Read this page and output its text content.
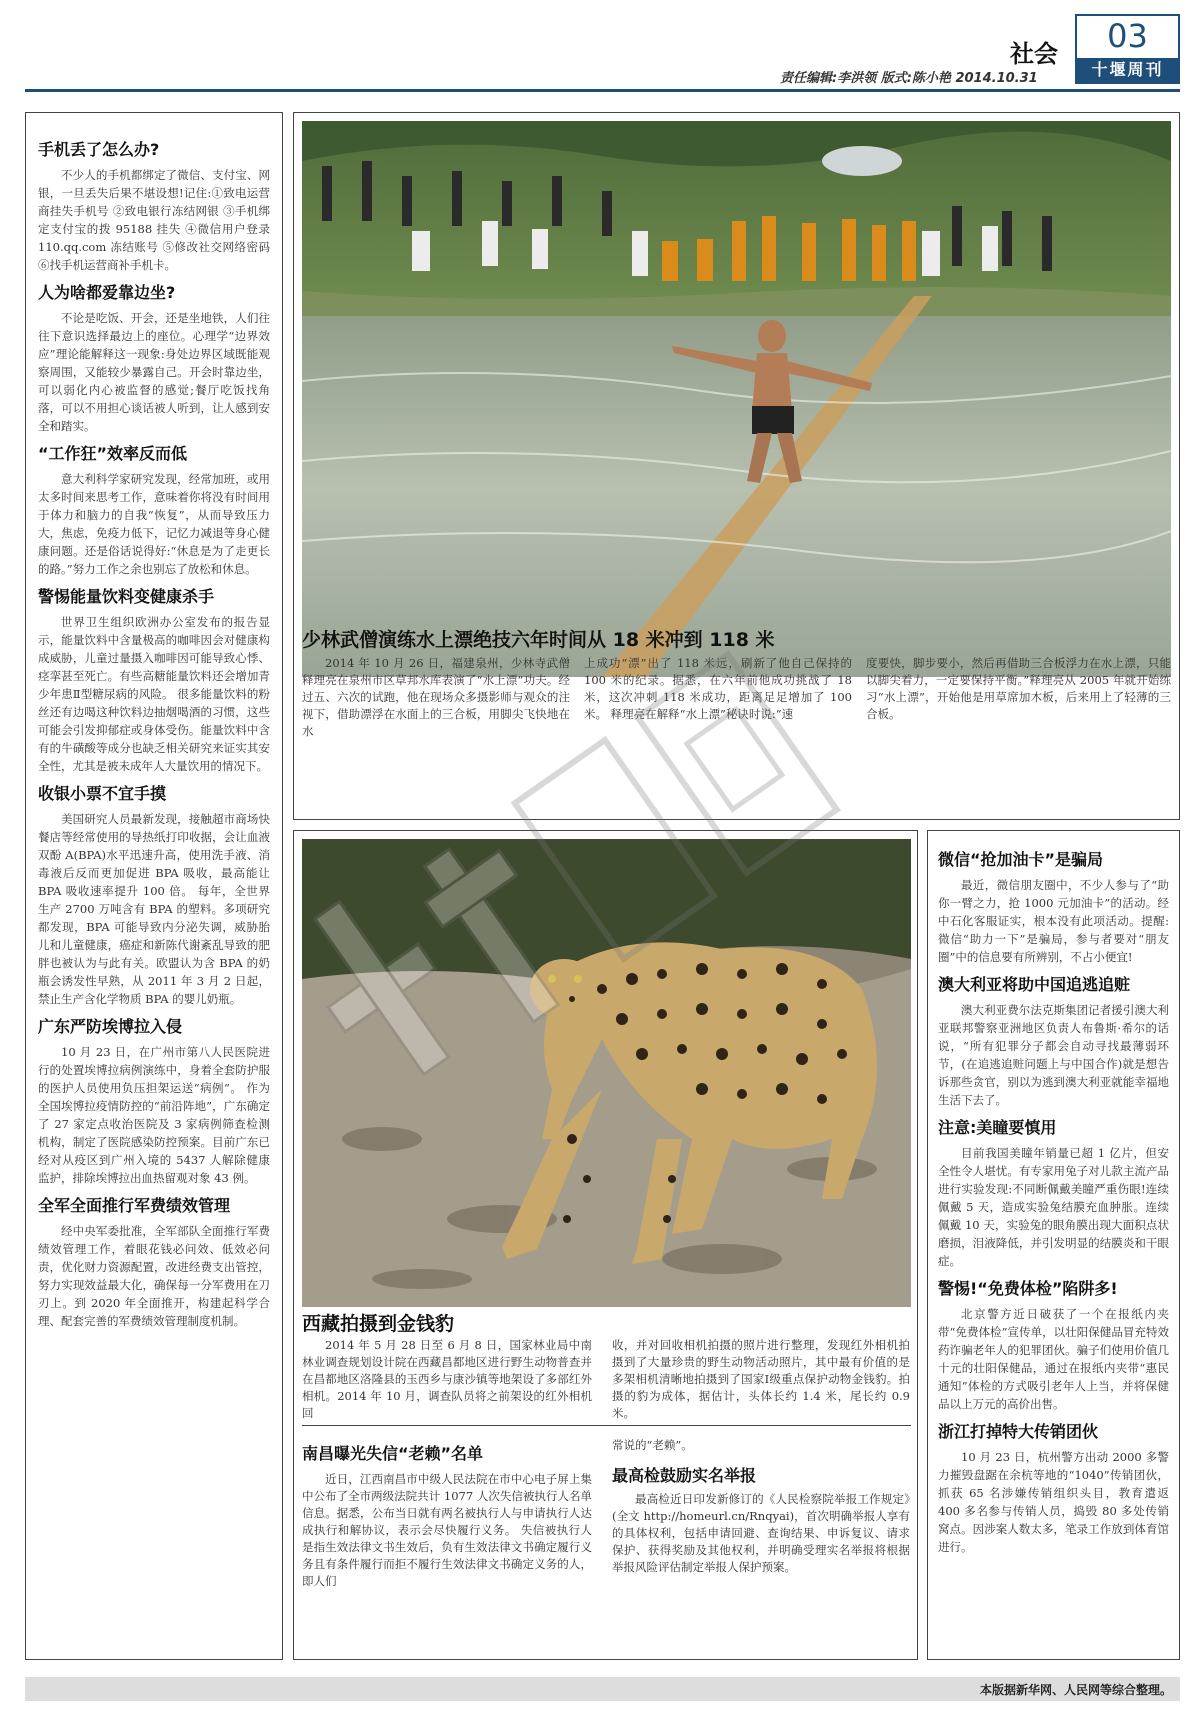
社会	03
十堰周刊
责任编辑:李洪领 版式:陈小艳 2014.10.31
手机丢了怎么办?
不少人的手机都绑定了微信、支付宝、网银，一旦丢失后果不堪设想!记住:①致电运营商挂失手机号 ②致电银行冻结网银 ③手机绑定支付宝的拨 95188 挂失 ④微信用户登录 110.qq.com 冻结账号 ⑤修改社交网络密码 ⑥找手机运营商补手机卡。
人为啥都爱靠边坐?
不论是吃饭、开会，还是坐地铁，人们往往下意识选择最边上的座位。心理学“边界效应”理论能解释这一现象:身处边界区域既能观察周围，又能较少暴露自己。开会时靠边坐，可以弱化内心被监督的感觉;餐厅吃饭找角落，可以不用担心谈话被人听到，让人感到安全和踏实。
“工作狂”效率反而低
意大利科学家研究发现，经常加班，或用太多时间来思考工作，意味着你将没有时间用于体力和脑力的自我“恢复”，从而导致压力大，焦虑，免疫力低下，记忆力减退等身心健康问题。还是俗话说得好:“休息是为了走更长的路。”努力工作之余也别忘了放松和休息。
警惕能量饮料变健康杀手
世界卫生组织欧洲办公室发布的报告显示，能量饮料中含量极高的咖啡因会对健康构成威胁，儿童过量摄入咖啡因可能导致心悸、痉挛甚至死亡。有些高糖能量饮料还会增加青少年患Ⅱ型糖尿病的风险。 很多能量饮料的粉丝还有边喝这种饮料边抽烟喝酒的习惯，这些可能会引发抑郁症或身体受伤。能量饮料中含有的牛磺酸等成分也缺乏相关研究来证实其安全性，尤其是被未成年人大量饮用的情况下。
收银小票不宜手摸
美国研究人员最新发现，接触超市商场快餐店等经常使用的导热纸打印收据，会让血液双酚 A(BPA)水平迅速升高，使用洗手液、消毒液后反而更加促进 BPA 吸收，最高能让 BPA 吸收速率提升 100 倍。 每年，全世界生产 2700 万吨含有 BPA 的塑料。多项研究都发现，BPA 可能导致内分泌失调，威胁胎儿和儿童健康，癌症和新陈代谢紊乱导致的肥胖也被认为与此有关。欧盟认为含 BPA 的奶瓶会诱发性早熟，从 2011 年 3 月 2 日起，禁止生产含化学物质 BPA 的婴儿奶瓶。
广东严防埃博拉入侵
10 月 23 日，在广州市第八人民医院进行的处置埃博拉病例演练中，身着全套防护服的医护人员使用负压担架运送“病例”。 作为全国埃博拉疫情防控的“前沿阵地”，广东确定了 27 家定点收治医院及 3 家病例筛查检测机构，制定了医院感染防控预案。目前广东已经对从疫区到广州入境的 5437 人解除健康监护，排除埃博拉出血热留观对象 43 例。
全军全面推行军费绩效管理
经中央军委批准，全军部队全面推行军费绩效管理工作，着眼花钱必问效、低效必问责，优化财力资源配置，改进经费支出管控，努力实现效益最大化，确保每一分军费用在刀刃上。到 2020 年全面推开，构建起科学合理、配套完善的军费绩效管理制度机制。
少林武僧演练水上漂绝技六年时间从 18 米冲到 118 米
2014 年 10 月 26 日，福建泉州，少林寺武僧释理亮在泉州市区草邦水库表演了“水上漂”功夫。经过五、六次的试跑，他在现场众多摄影师与观众的注视下，借助漂浮在水面上的三合板，用脚尖飞快地在水
上成功“漂”出了 118 米远，刷新了他自己保持的 100 米的纪录。据悉，在六年前他成功挑战了 18 米，这次冲刺 118 米成功，距离足足增加了 100 米。 释理亮在解释“水上漂”秘诀时说:“速
度要快，脚步要小，然后再借助三合板浮力在水上漂，只能以脚尖着力，一定要保持平衡。”释理亮从 2005 年就开始练习“水上漂”，开始他是用草席加木板，后来用上了轻薄的三合板。
西藏拍摄到金钱豹
2014 年 5 月 28 日至 6 月 8 日，国家林业局中南林业调查规划设计院在西藏昌都地区进行野生动物普查并在昌都地区洛隆县的玉西乡与康沙镇等地架设了多部红外相机。2014 年 10 月，调查队员将之前架设的红外相机回
收，并对回收相机拍摄的照片进行整理，发现红外相机拍摄到了大量珍贵的野生动物活动照片，其中最有价值的是多架相机清晰地拍摄到了国家Ⅰ级重点保护动物金钱豹。拍摄的豹为成体，据估计，头体长约 1.4 米，尾长约 0.9 米。
南昌曝光失信“老赖”名单
近日，江西南昌市中级人民法院在市中心电子屏上集中公布了全市两级法院共计 1077 人次失信被执行人名单信息。据悉，公布当日就有两名被执行人与申请执行人达成执行和解协议，表示会尽快履行义务。 失信被执行人是指生效法律文书生效后，负有生效法律文书确定履行义务且有条件履行而拒不履行生效法律文书确定义务的人，即人们
常说的“老赖”。
最高检鼓励实名举报
最高检近日印发新修订的《人民检察院举报工作规定》(全文 http://homeurl.cn/Rnqyai)，首次明确举报人享有的具体权利，包括申请回避、查询结果、申诉复议、请求保护、获得奖励及其他权利，并明确受理实名举报将根据举报风险评估制定举报人保护预案。
微信“抢加油卡”是骗局
最近，微信朋友圈中，不少人参与了“助你一臂之力，抢 1000 元加油卡”的活动。经中石化客服证实，根本没有此项活动。提醒:微信“助力一下”是骗局，参与者要对“朋友圈”中的信息要有所辨别，不占小便宜!
澳大利亚将助中国追逃追赃
澳大利亚费尔法克斯集团记者援引澳大利亚联邦警察亚洲地区负责人布鲁斯·希尔的话说，“所有犯罪分子都会自动寻找最薄弱环节，(在追逃追赃问题上与中国合作)就是想告诉那些贪官，别以为逃到澳大利亚就能幸福地生活下去了。
注意:美瞳要慎用
目前我国美瞳年销量已超 1 亿片，但安全性令人堪忧。有专家用兔子对儿款主流产品进行实验发现:不同断佩戴美瞳严重伤眼!连续佩戴 5 天，造成实验兔结膜充血肿胀。连续佩戴 10 天，实验兔的眼角膜出现大面积点状磨损，泪液降低，并引发明显的结膜炎和干眼症。
警惕!“免费体检”陷阱多!
北京警方近日破获了一个在报纸内夹带“免费体检”宣传单，以壮阳保健品冒充特效药诈骗老年人的犯罪团伙。骗子们使用价值几十元的壮阳保健品，通过在报纸内夹带“惠民通知”体检的方式吸引老年人上当，并将保健品以上万元的高价出售。
浙江打掉特大传销团伙
10 月 23 日，杭州警方出动 2000 多警力摧毁盘踞在余杭等地的“1040”传销团伙，抓获 65 名涉嫌传销组织头目，教育遣返 400 多名参与传销人员，捣毁 80 多处传销窝点。因涉案人数太多，笔录工作放到体育馆进行。
本版据新华网、人民网等综合整理。
